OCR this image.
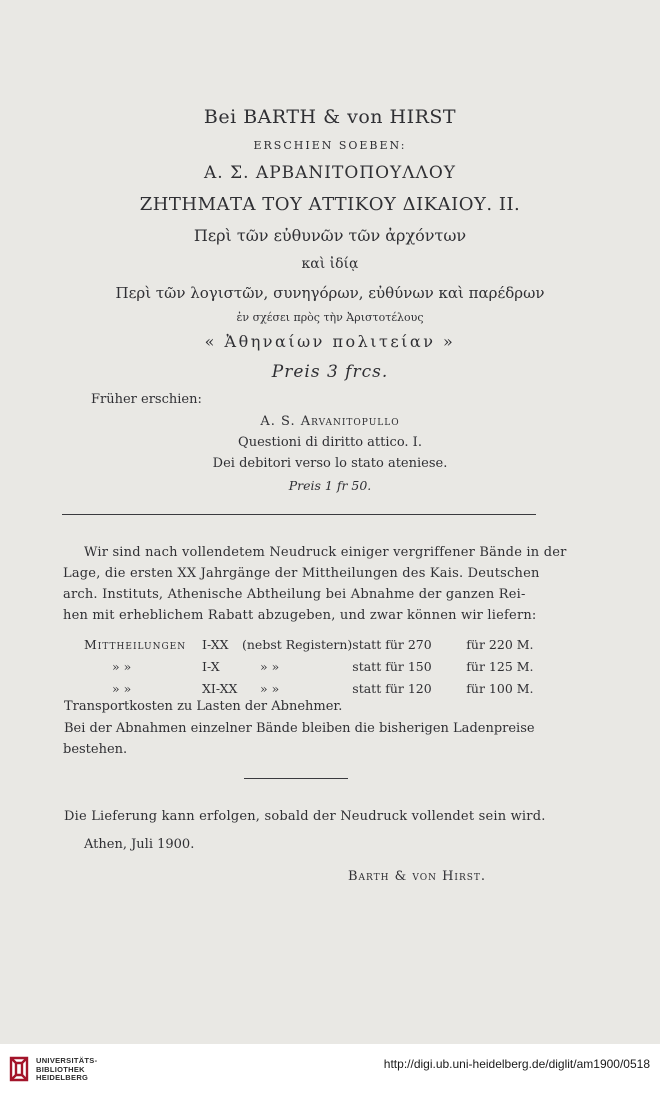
Bei BARTH & von HIRST
ERSCHIEN SOEBEN:
Α. Σ. ΑΡΒΑΝΙΤΟΠΟΥΛΛΟΥ
ΖΗΤΗΜΑΤΑ ΤΟΥ ΑΤΤΙΚΟΥ ΔΙΚΑΙΟΥ. II.
Περὶ τῶν εὐθυνῶν τῶν ἀρχόντων
καὶ ἰδίᾳ
Περὶ τῶν λογιστῶν, συνηγόρων, εὐθύνων καὶ παρέδρων
ἐν σχέσει πρὸς τὴν Ἀριστοτέλους
« Ἀθηναίων πολιτείαν »
Preis 3 frcs.
Früher erschien:
A. S. Arvanitopullo
Questioni di diritto attico. I.
Dei debitori verso lo stato ateniese.
Preis 1 fr 50.
Wir sind nach vollendetem Neudruck einiger vergriffener Bände in der
Lage, die ersten XX Jahrgänge der Mittheilungen des Kais. Deutschen
arch. Instituts, Athenische Abtheilung bei Abnahme der ganzen Rei-
hen mit erheblichem Rabatt abzugeben, und zwar können wir liefern:
Mittheilungen	I-XX	(nebst Registern)	statt für 270	für 220 M.
» »	I-X	» »	statt für 150	für 125 M.
» »	XI-XX	» »	statt für 120	für 100 M.
Transportkosten zu Lasten der Abnehmer.
Bei der Abnahmen einzelner Bände bleiben die bisherigen Ladenpreise
bestehen.
Die Lieferung kann erfolgen, sobald der Neudruck vollendet sein wird.
Athen, Juli 1900.
Barth & von Hirst.
UNIVERSITÄTS-
BIBLIOTHEK
HEIDELBERG
http://digi.ub.uni-heidelberg.de/diglit/am1900/0518
